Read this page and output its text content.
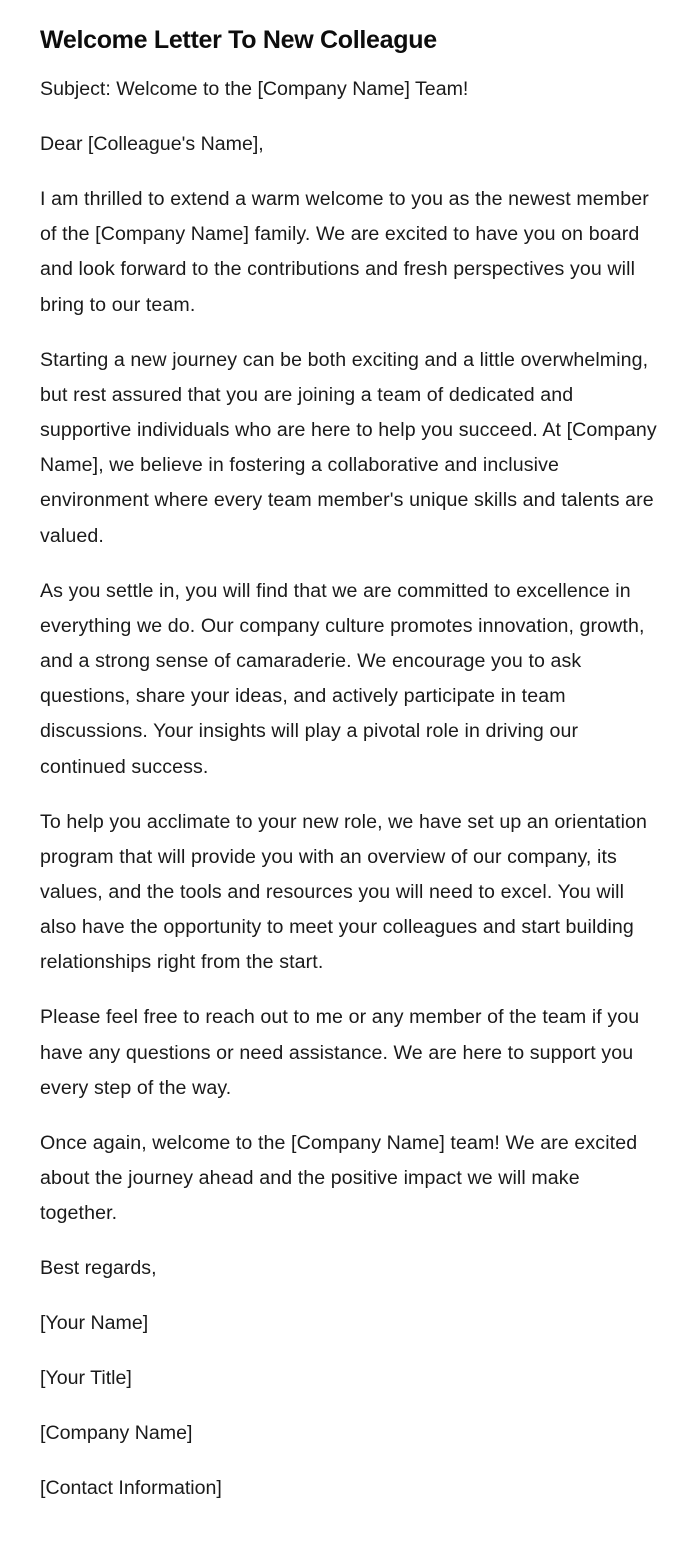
Welcome Letter To New Colleague

Subject: Welcome to the [Company Name] Team!

Dear [Colleague's Name],

I am thrilled to extend a warm welcome to you as the newest member of the [Company Name] family. We are excited to have you on board and look forward to the contributions and fresh perspectives you will bring to our team.

Starting a new journey can be both exciting and a little overwhelming, but rest assured that you are joining a team of dedicated and supportive individuals who are here to help you succeed. At [Company Name], we believe in fostering a collaborative and inclusive environment where every team member's unique skills and talents are valued.

As you settle in, you will find that we are committed to excellence in everything we do. Our company culture promotes innovation, growth, and a strong sense of camaraderie. We encourage you to ask questions, share your ideas, and actively participate in team discussions. Your insights will play a pivotal role in driving our continued success.

To help you acclimate to your new role, we have set up an orientation program that will provide you with an overview of our company, its values, and the tools and resources you will need to excel. You will also have the opportunity to meet your colleagues and start building relationships right from the start.

Please feel free to reach out to me or any member of the team if you have any questions or need assistance. We are here to support you every step of the way.

Once again, welcome to the [Company Name] team! We are excited about the journey ahead and the positive impact we will make together.

Best regards,

[Your Name]

[Your Title]

[Company Name]

[Contact Information]
